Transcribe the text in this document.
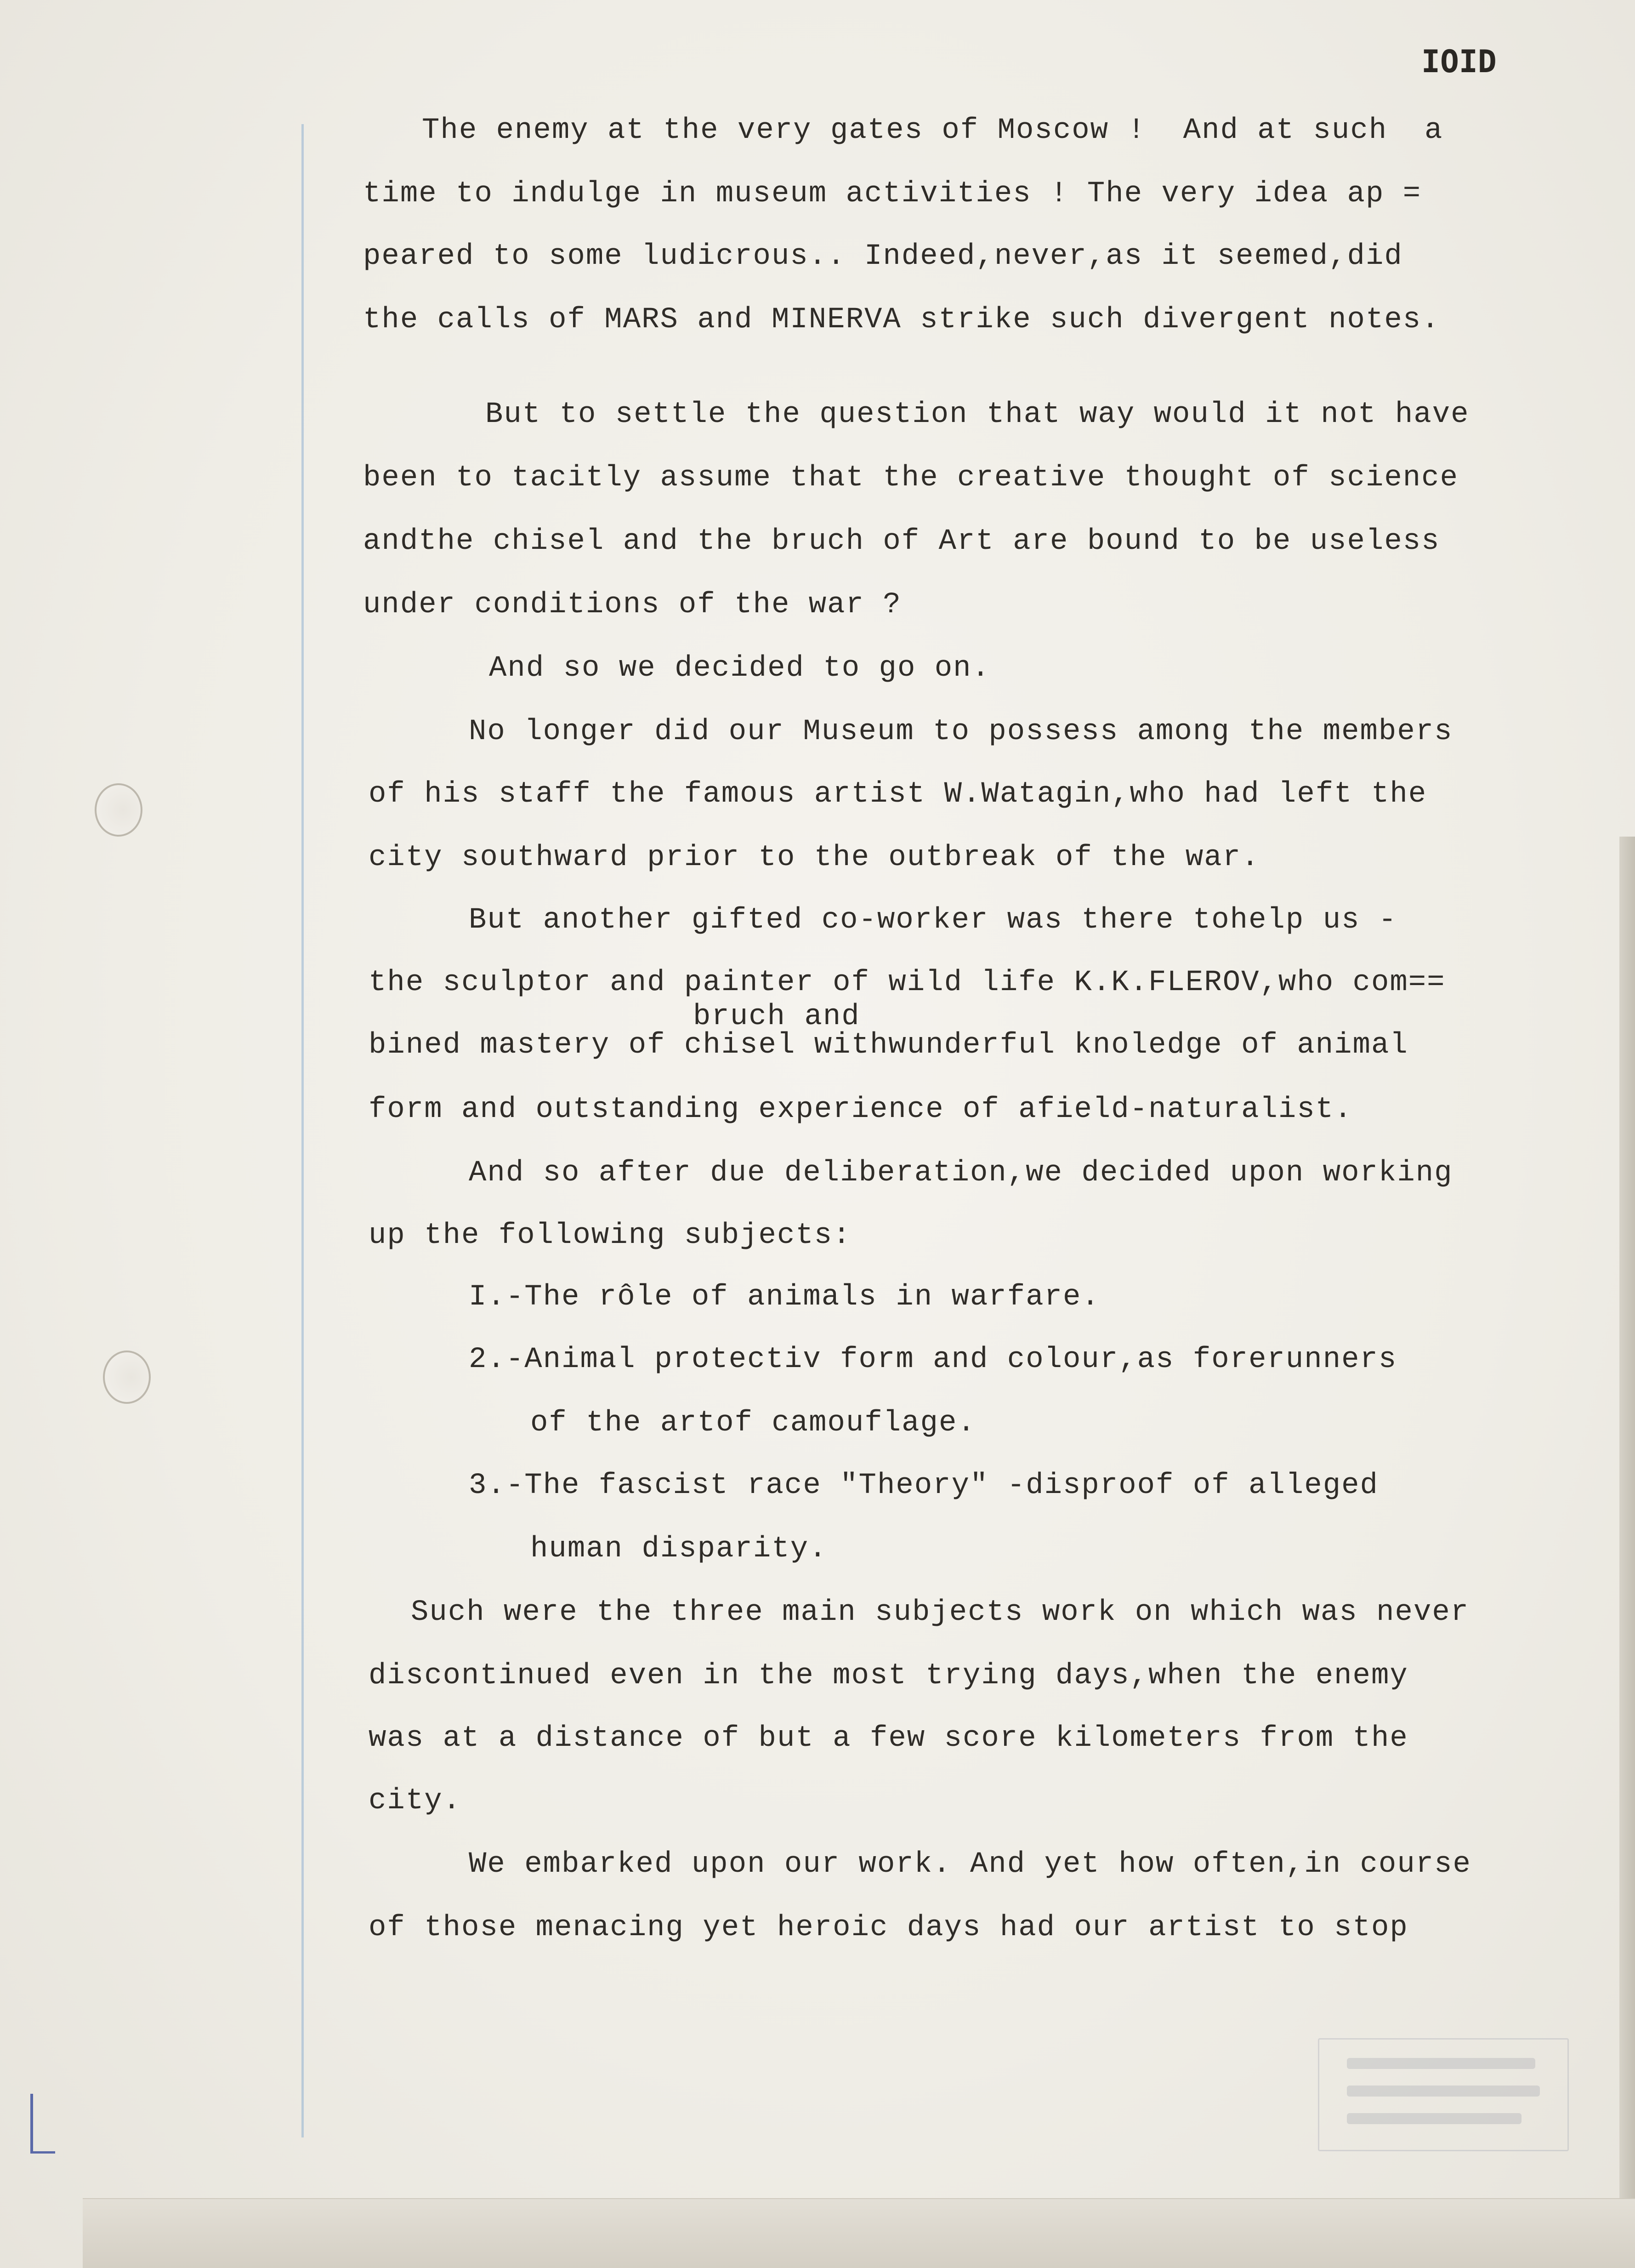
IOID

The enemy at the very gates of Moscow !  And at such  a

time to indulge in museum activities ! The very idea ap =

peared to some ludicrous.. Indeed,never,as it seemed,did

the calls of MARS and MINERVA strike such divergent notes.

But to settle the question that way would it not have

been to tacitly assume that the creative thought of science

andthe chisel and the bruch of Art are bound to be useless

under conditions of the war ?

And so we decided to go on.

No longer did our Museum to possess among the members

of his staff the famous artist W.Watagin,who had left the

city southward prior to the outbreak of the war.

But another gifted co-worker was there tohelp us -

the sculptor and painter of wild life K.K.FLEROV,who com==

bruch and

bined mastery of chisel withwunderful knoledge of animal

form and outstanding experience of afield-naturalist.

And so after due deliberation,we decided upon working

up the following subjects:

I.-The rôle of animals in warfare.

2.-Animal protectiv form and colour,as forerunners

of the artof camouflage.

3.-The fascist race "Theory" -disproof of alleged

human disparity.

Such were the three main subjects work on which was never

discontinued even in the most trying days,when the enemy

was at a distance of but a few score kilometers from the

city.

We embarked upon our work. And yet how often,in course

of those menacing yet heroic days had our artist to stop
